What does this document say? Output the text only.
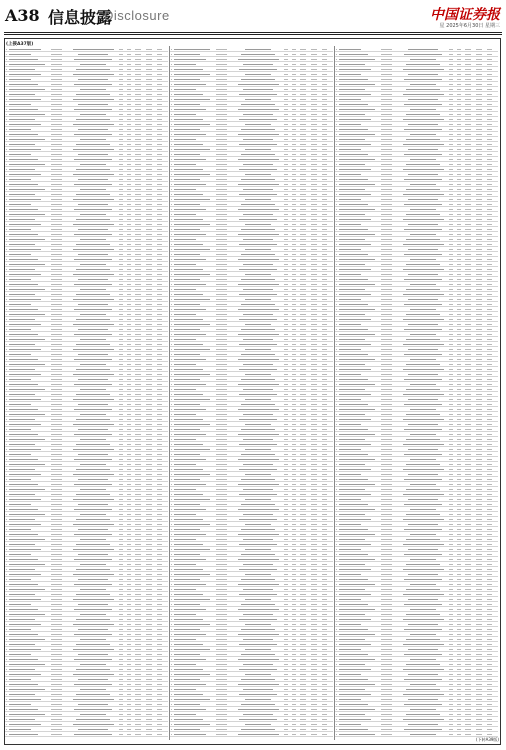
A38 信息披露
Disclosure	中国证券报
星 2025年6月30日 星期三
(上接A37版)
(下转A39版)
